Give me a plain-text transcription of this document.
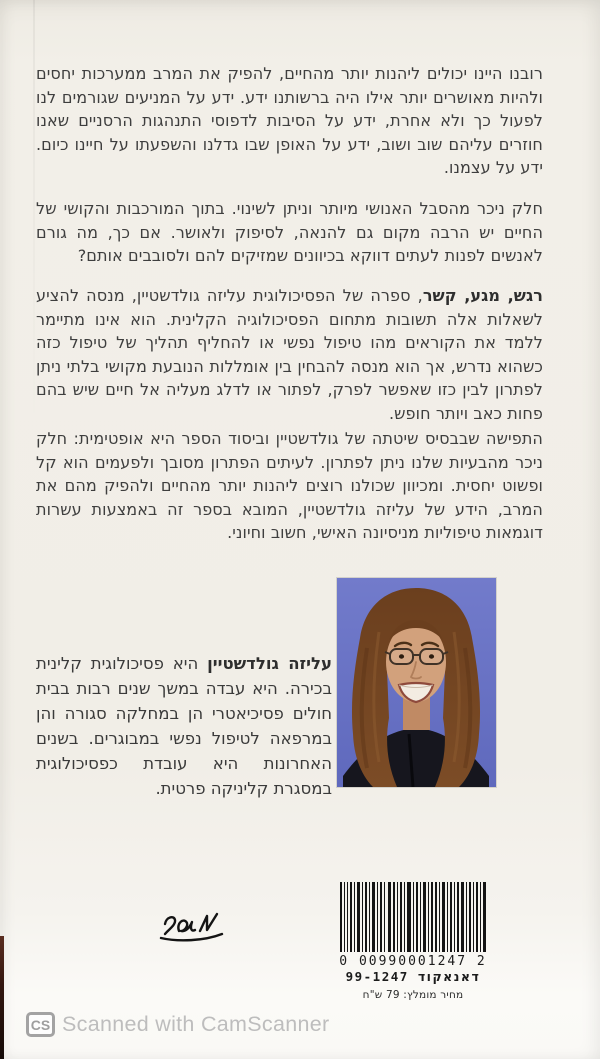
רובנו היינו יכולים ליהנות יותר מהחיים, להפיק את המרב ממערכות יחסים ולהיות מאושרים יותר אילו היה ברשותנו ידע. ידע על המניעים שגורמים לנו לפעול כך ולא אחרת, ידע על הסיבות לדפוסי התנהגות הרסניים שאנו חוזרים עליהם שוב ושוב, ידע על האופן שבו גדלנו והשפעתו על חיינו כיום. ידע על עצמנו.

חלק ניכר מהסבל האנושי מיותר וניתן לשינוי. בתוך המורכבות והקושי של החיים יש הרבה מקום גם להנאה, לסיפוק ולאושר. אם כך, מה גורם לאנשים לפנות לעתים דווקא בכיוונים שמזיקים להם ולסובבים אותם?

רגש, מגע, קשר, ספרה של הפסיכולוגית עליזה גולדשטיין, מנסה להציע לשאלות אלה תשובות מתחום הפסיכולוגיה הקלינית. הוא אינו מתיימר ללמד את הקוראים מהו טיפול נפשי או להחליף תהליך של טיפול כזה כשהוא נדרש, אך הוא מנסה להבחין בין אומללות הנובעת מקושי בלתי ניתן לפתרון לבין כזו שאפשר לפרק, לפתור או לדלג מעליה אל חיים שיש בהם פחות כאב ויותר חופש.

התפישה שבבסיס שיטתה של גולדשטיין וביסוד הספר היא אופטימית: חלק ניכר מהבעיות שלנו ניתן לפתרון. לעיתים הפתרון מסובך ולפעמים הוא קל ופשוט יחסית. ומכיוון שכולנו רוצים ליהנות יותר מהחיים ולהפיק מהם את המרב, הידע של עליזה גולדשטיין, המובא בספר זה באמצעות עשרות דוגמאות טיפוליות מניסיונה האישי, חשוב וחיוני.

עליזה גולדשטיין היא פסיכולוגית קלינית בכירה. היא עבדה במשך שנים רבות בבית חולים פסיכיאטרי הן במחלקה סגורה והן במרפאה לטיפול נפשי במבוגרים. בשנים האחרונות היא עובדת כפסיכולוגית במסגרת קליניקה פרטית.

0 00990001247 2
דאנאקוד 99-1247
מחיר מומלץ: 79 ש"ח
CS Scanned with CamScanner
